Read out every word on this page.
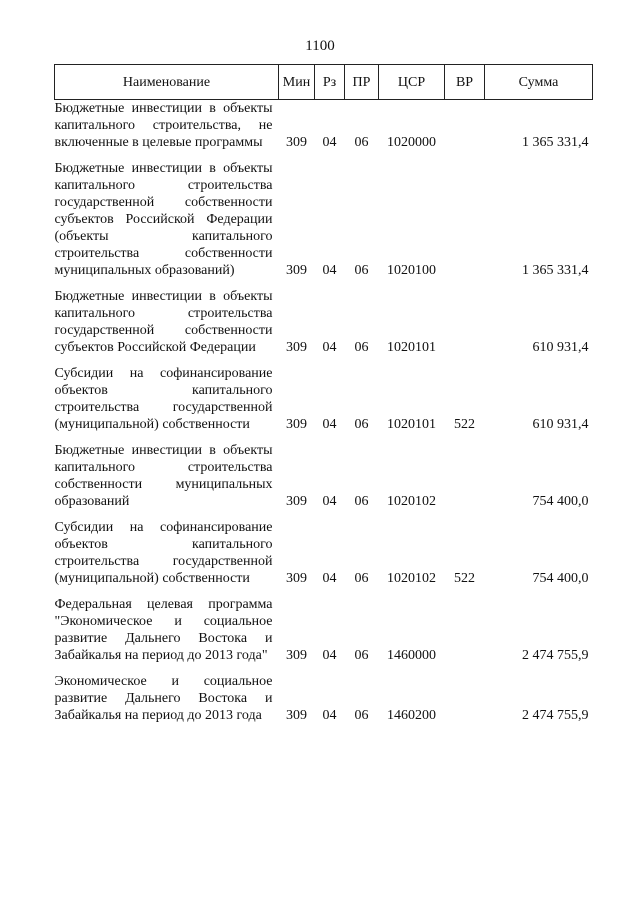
1100
Наименование	Мин	Рз	ПР	ЦСР	ВР	Сумма
Бюджетные инвестиции в объекты капитального строительства, не включенные в целевые программы	309	04	06	1020000		1 365 331,4
Бюджетные инвестиции в объекты капитального строительства государственной собственности субъектов Российской Федерации (объекты капитального строительства собственности муниципальных образований)	309	04	06	1020100		1 365 331,4
Бюджетные инвестиции в объекты капитального строительства государственной собственности субъектов Российской Федерации	309	04	06	1020101		610 931,4
Субсидии на софинансирование объектов капитального строительства государственной (муниципальной) собственности	309	04	06	1020101	522	610 931,4
Бюджетные инвестиции в объекты капитального строительства собственности муниципальных образований	309	04	06	1020102		754 400,0
Субсидии на софинансирование объектов капитального строительства государственной (муниципальной) собственности	309	04	06	1020102	522	754 400,0
Федеральная целевая программа "Экономическое и социальное развитие Дальнего Востока и Забайкалья на период до 2013 года"	309	04	06	1460000		2 474 755,9
Экономическое и социальное развитие Дальнего Востока и Забайкалья на период до 2013 года	309	04	06	1460200		2 474 755,9
